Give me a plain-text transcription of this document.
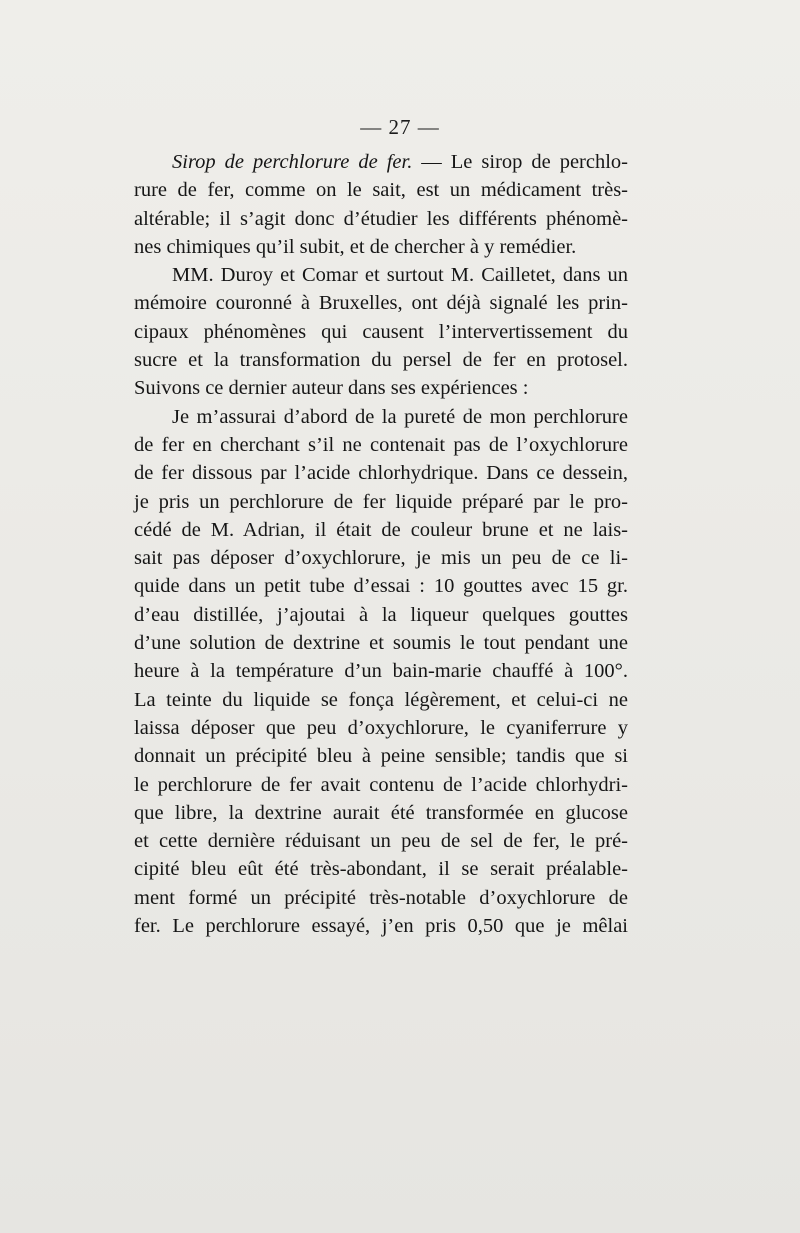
— 27 —
Sirop de perchlorure de fer. — Le sirop de perchlo-
rure de fer, comme on le sait, est un médicament très-
altérable; il s’agit donc d’étudier les différents phénomè-
nes chimiques qu’il subit, et de chercher à y remédier.
MM. Duroy et Comar et surtout M. Cailletet, dans un
mémoire couronné à Bruxelles, ont déjà signalé les prin-
cipaux phénomènes qui causent l’intervertissement du
sucre et la transformation du persel de fer en protosel.
Suivons ce dernier auteur dans ses expériences :
Je m’assurai d’abord de la pureté de mon perchlorure
de fer en cherchant s’il ne contenait pas de l’oxychlorure
de fer dissous par l’acide chlorhydrique. Dans ce dessein,
je pris un perchlorure de fer liquide préparé par le pro-
cédé de M. Adrian, il était de couleur brune et ne lais-
sait pas déposer d’oxychlorure, je mis un peu de ce li-
quide dans un petit tube d’essai : 10 gouttes avec 15 gr.
d’eau distillée, j’ajoutai à la liqueur quelques gouttes
d’une solution de dextrine et soumis le tout pendant une
heure à la température d’un bain-marie chauffé à 100°.
La teinte du liquide se fonça légèrement, et celui-ci ne
laissa déposer que peu d’oxychlorure, le cyaniferrure y
donnait un précipité bleu à peine sensible; tandis que si
le perchlorure de fer avait contenu de l’acide chlorhydri-
que libre, la dextrine aurait été transformée en glucose
et cette dernière réduisant un peu de sel de fer, le pré-
cipité bleu eût été très-abondant, il se serait préalable-
ment formé un précipité très-notable d’oxychlorure de
fer. Le perchlorure essayé, j’en pris 0,50 que je mêlai
